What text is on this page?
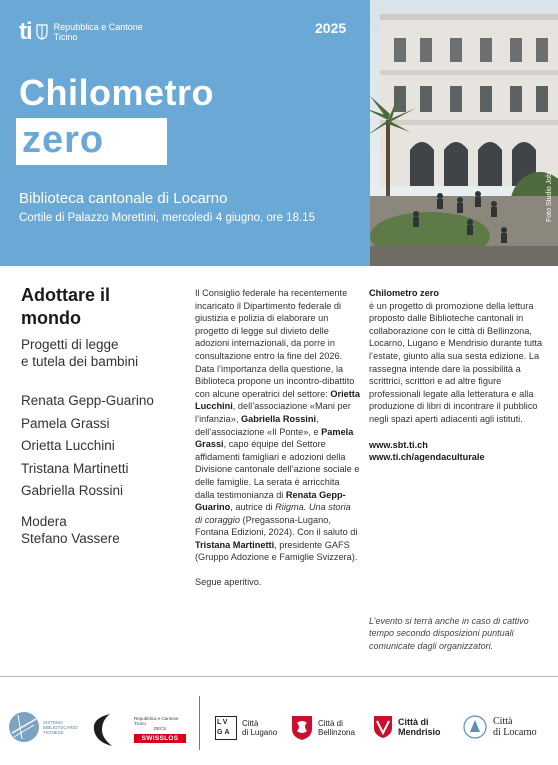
ti Repubblica e Cantone
Ticino
2025
Chilometro
zero
Biblioteca cantonale di Locarno
Cortile di Palazzo Morettini, mercoledì 4 giugno, ore 18.15	Foto Studio Job
Adottare il
mondo
Progetti di legge
e tutela dei bambini
Renata Gepp-Guarino
Pamela Grassi
Orietta Lucchini
Tristana Martinetti
Gabriella Rossini
Modera
Stefano Vassere

Il Consiglio federale ha recentemente incaricato il Dipartimento federale di giustizia e polizia di elaborare un progetto di legge sul divieto delle adozioni internazionali, da porre in consultazione entro la fine del 2026. Data l’importanza della questione, la Biblioteca propone un incontro-dibattito con alcune operatrici del settore: Orietta Lucchini, dell’associazione «Mani per l’infanzia», Gabriella Rossini, dell’associazione «Il Ponte», e Pamela Grassi, capo équipe del Settore affidamenti famigliari e adozioni della Divisione cantonale dell’azione sociale e delle famiglie. La serata è arricchita dalla testimonianza di Renata Gepp-Guarino, autrice di Riigma. Una storia di coraggio (Pregassona-Lugano, Fontana Edizioni, 2024). Con il saluto di Tristana Martinetti, presidente GAFS (Gruppo Adozione e Famiglie Svizzera).

Segue aperitivo.

Chilometro zero
è un progetto di promozione della lettura proposto dalle Biblioteche cantonali in collaborazione con le città di Bellinzona, Locarno, Lugano e Mendrisio durante tutta l’estate, giunto alla sua sesta edizione. La rassegna intende dare la possibilità a scrittrici, scrittori e ad altre figure professionali legate alla letteratura e alla produzione di libri di incontrare il pubblico negli spazi aperti adiacenti agli istituti.
www.sbt.ti.ch
www.ti.ch/agendaculturale
L’evento si terrà anche in caso di cattivo tempo secondo disposizioni puntuali comunicate dagli organizzatori.
SISTEMA
BIBLIOTECARIO
TICINESE
Repubblica e Cantone Ticino
DECS
SWISSLOS
LVGA
Città
di Lugano
Città di
Bellinzona
Città di
Mendrisio
Città
di Locarno
